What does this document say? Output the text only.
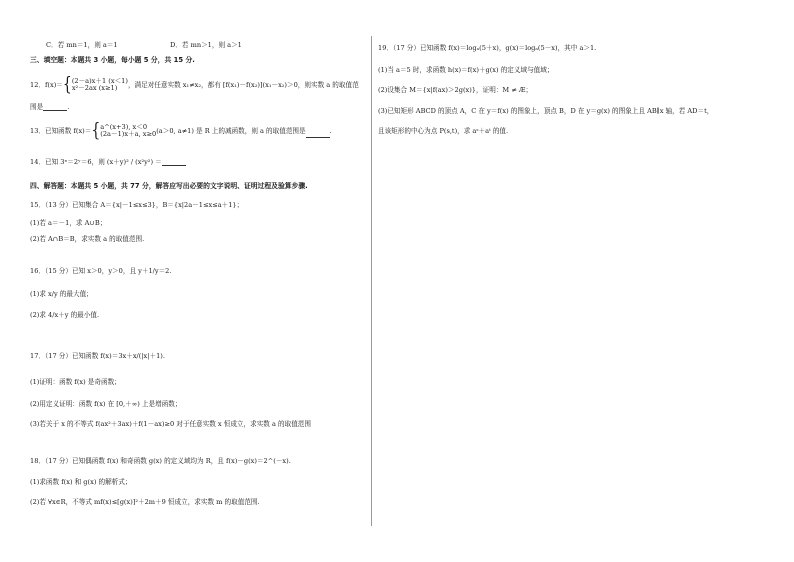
C．若 mn＝1，则 a＝1	D．若 mn＞1，则 a＞1
三、填空题：本题共 3 小题，每小题 5 分，共 15 分.
12．f(x)＝{(2－a)x＋1 (x＜1)
x²－2ax (x≥1) ，满足对任意实数 x₁≠x₂，都有 [f(x₁)－f(x₂)](x₁－x₂)＞0，则实数 a 的取值范
围是	.
13．已知函数 f(x)＝{a^(x+3), x＜0
(2a－1)x＋a, x≥0(a＞0, a≠1) 是 R 上的减函数，则 a 的取值范围是	.
14．已知 3ˣ＝2ʸ＝6，则 (x＋y)² / (x²y²) ＝
四、解答题：本题共 5 小题，共 77 分，解答应写出必要的文字说明、证明过程及验算步骤.
15．（13 分）已知集合 A＝{x|－1≤x≤3}，B＝{x|2a－1≤x≤a＋1}；
(1)若 a＝－1，求 A∪B；
(2)若 A∩B＝B，求实数 a 的取值范围.
16．（15 分）已知 x＞0，y＞0，且 y＋1/y＝2.
(1)求 x/y 的最大值；
(2)求 4/x＋y 的最小值.
17．（17 分）已知函数 f(x)＝3x＋x/(|x|＋1).
(1)证明：函数 f(x) 是奇函数；
(2)用定义证明：函数 f(x) 在 [0,＋∞) 上是增函数；
(3)若关于 x 的不等式 f(ax²＋3ax)＋f(1－ax)≥0 对于任意实数 x 恒成立，求实数 a 的取值范围
18．（17 分）已知偶函数 f(x) 和奇函数 g(x) 的定义域均为 R，且 f(x)－g(x)＝2^(－x).
(1)求函数 f(x) 和 g(x) 的解析式；
(2)若 ∀x∈R，不等式 mf(x)≤[g(x)]²＋2m＋9 恒成立，求实数 m 的取值范围.
19．（17 分）已知函数 f(x)＝logₐ(5＋x)，g(x)＝logₐ(5－x)，其中 a＞1.
(1)当 a＝5 时，求函数 h(x)＝f(x)＋g(x) 的定义域与值域；
(2)设集合 M＝{x|f(ax)＞2g(x)}，证明：M ≠ Æ；
(3)已知矩形 ABCD 的顶点 A，C 在 y＝f(x) 的图象上，顶点 B，D 在 y＝g(x) 的图象上且 AB∥x 轴，若 AD＝t，
且该矩形的中心为点 P(s,t)，求 aˢ＋aᵗ 的值.
